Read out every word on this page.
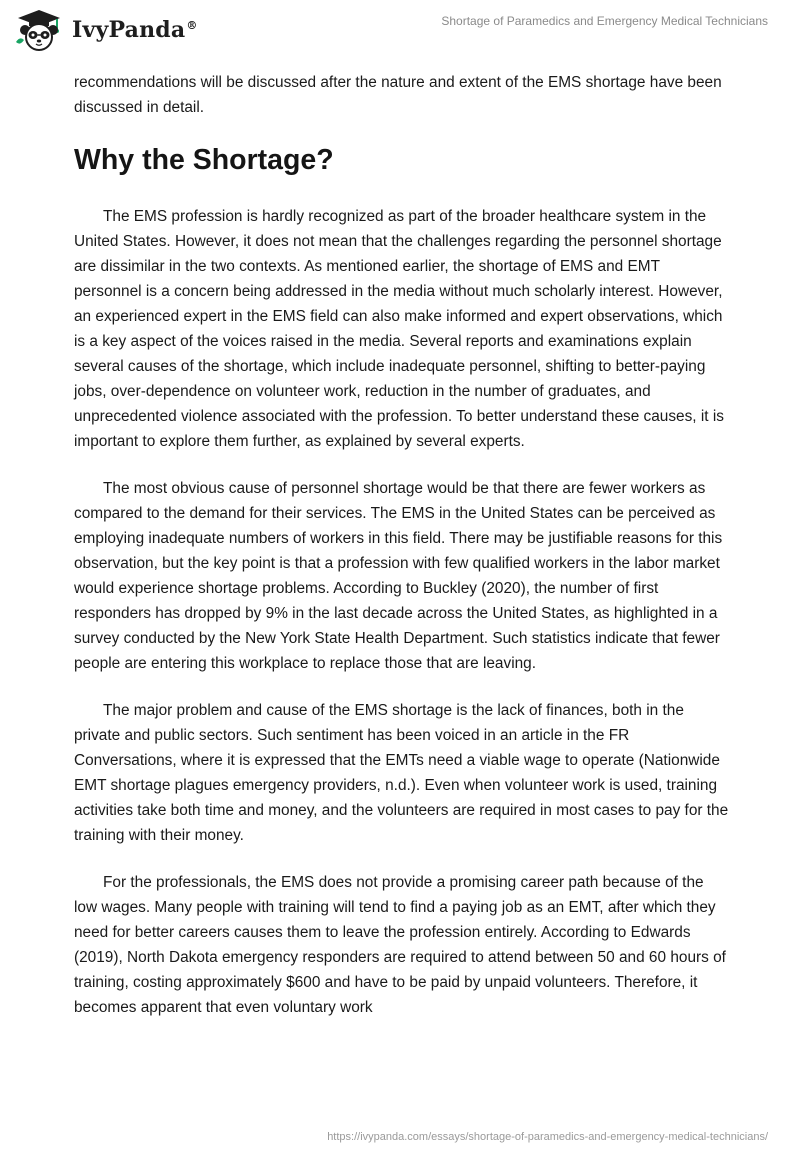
IvyPanda®	Shortage of Paramedics and Emergency Medical Technicians

recommendations will be discussed after the nature and extent of the EMS shortage have been discussed in detail.

Why the Shortage?

The EMS profession is hardly recognized as part of the broader healthcare system in the United States. However, it does not mean that the challenges regarding the personnel shortage are dissimilar in the two contexts. As mentioned earlier, the shortage of EMS and EMT personnel is a concern being addressed in the media without much scholarly interest. However, an experienced expert in the EMS field can also make informed and expert observations, which is a key aspect of the voices raised in the media. Several reports and examinations explain several causes of the shortage, which include inadequate personnel, shifting to better-paying jobs, over-dependence on volunteer work, reduction in the number of graduates, and unprecedented violence associated with the profession. To better understand these causes, it is important to explore them further, as explained by several experts.

The most obvious cause of personnel shortage would be that there are fewer workers as compared to the demand for their services. The EMS in the United States can be perceived as employing inadequate numbers of workers in this field. There may be justifiable reasons for this observation, but the key point is that a profession with few qualified workers in the labor market would experience shortage problems. According to Buckley (2020), the number of first responders has dropped by 9% in the last decade across the United States, as highlighted in a survey conducted by the New York State Health Department. Such statistics indicate that fewer people are entering this workplace to replace those that are leaving.

The major problem and cause of the EMS shortage is the lack of finances, both in the private and public sectors. Such sentiment has been voiced in an article in the FR Conversations, where it is expressed that the EMTs need a viable wage to operate (Nationwide EMT shortage plagues emergency providers, n.d.). Even when volunteer work is used, training activities take both time and money, and the volunteers are required in most cases to pay for the training with their money.

For the professionals, the EMS does not provide a promising career path because of the low wages. Many people with training will tend to find a paying job as an EMT, after which they need for better careers causes them to leave the profession entirely. According to Edwards (2019), North Dakota emergency responders are required to attend between 50 and 60 hours of training, costing approximately $600 and have to be paid by unpaid volunteers. Therefore, it becomes apparent that even voluntary work

https://ivypanda.com/essays/shortage-of-paramedics-and-emergency-medical-technicians/
